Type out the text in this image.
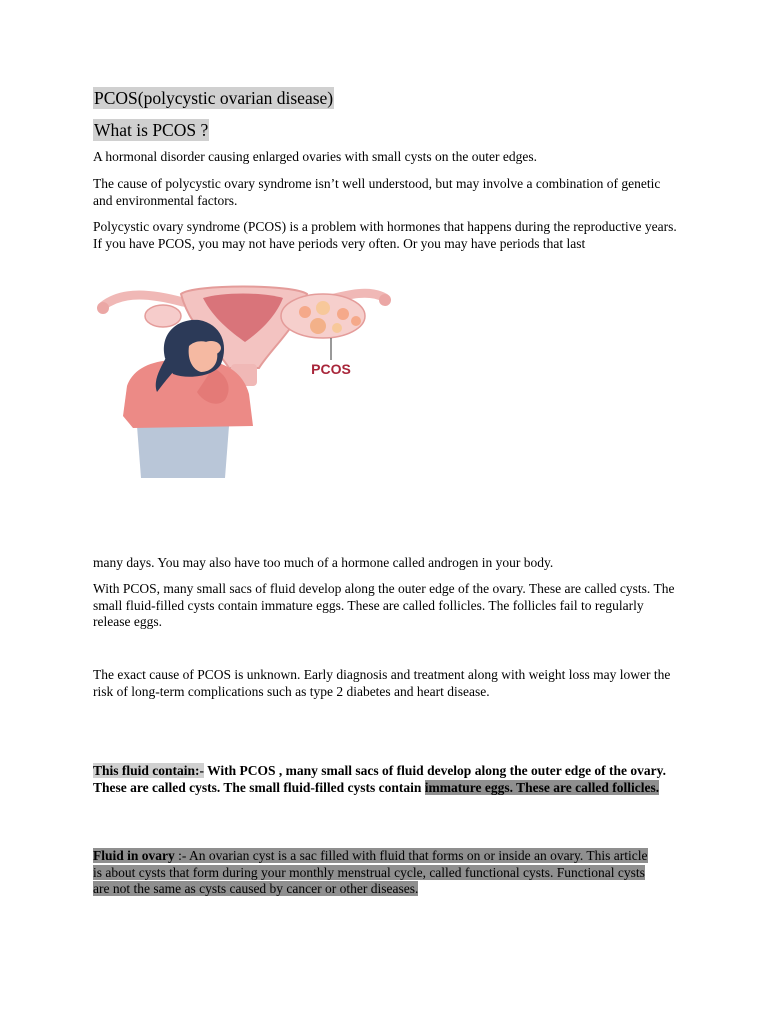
PCOS(polycystic ovarian disease)
What is PCOS ?
A hormonal disorder causing enlarged ovaries with small cysts on the outer edges.
The cause of polycystic ovary syndrome isn’t well understood, but may involve a combination of genetic and environmental factors.
Polycystic ovary syndrome (PCOS) is a problem with hormones that happens during the reproductive years. If you have PCOS, you may not have periods very often. Or you may have periods that last
PCOS
many days. You may also have too much of a hormone called androgen in your body.
With PCOS, many small sacs of fluid develop along the outer edge of the ovary. These are called cysts. The small fluid-filled cysts contain immature eggs. These are called follicles. The follicles fail to regularly release eggs.
The exact cause of PCOS is unknown. Early diagnosis and treatment along with weight loss may lower the risk of long-term complications such as type 2 diabetes and heart disease.
This fluid contain:- With PCOS , many small sacs of fluid develop along the outer edge of the ovary. These are called cysts. The small fluid-filled cysts contain immature eggs. These are called follicles.
Fluid in ovary :- An ovarian cyst is a sac filled with fluid that forms on or inside an ovary. This article is about cysts that form during your monthly menstrual cycle, called functional cysts. Functional cysts are not the same as cysts caused by cancer or other diseases.
